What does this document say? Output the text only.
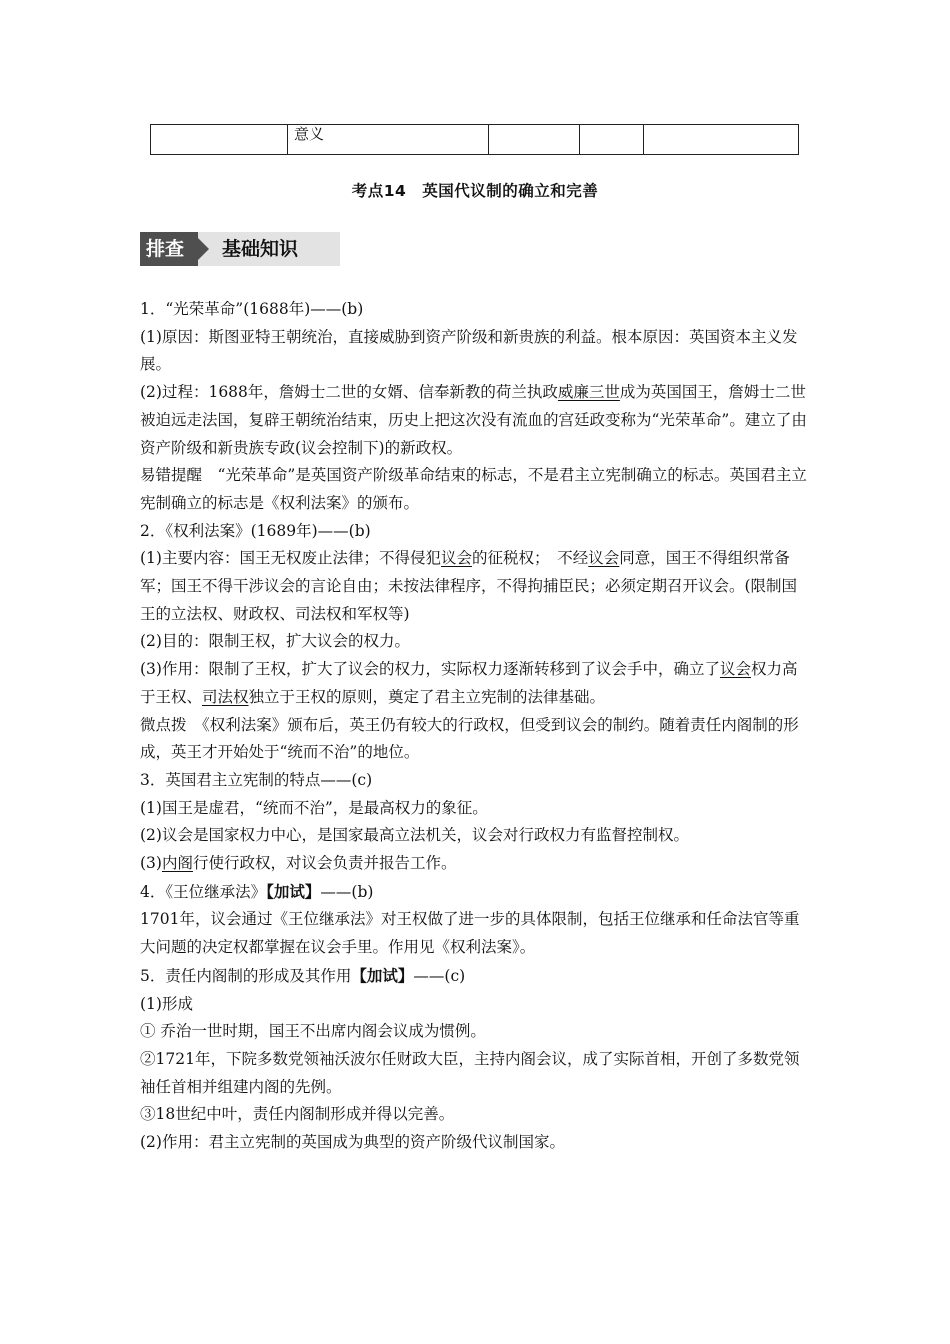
	意义			
考点14　英国代议制的确立和完善
排查	基础知识

1．“光荣革命”(1688年)——(b)

(1)原因：斯图亚特王朝统治，直接威胁到资产阶级和新贵族的利益。根本原因：英国资本主义发展。

(2)过程：1688年，詹姆士二世的女婿、信奉新教的荷兰执政威廉三世成为英国国王，詹姆士二世被迫远走法国，复辟王朝统治结束，历史上把这次没有流血的宫廷政变称为“光荣革命”。建立了由资产阶级和新贵族专政(议会控制下)的新政权。

易错提醒　“光荣革命”是英国资产阶级革命结束的标志，不是君主立宪制确立的标志。英国君主立宪制确立的标志是《权利法案》的颁布。

2．《权利法案》(1689年)——(b)

(1)主要内容：国王无权废止法律；不得侵犯议会的征税权；　不经议会同意，国王不得组织常备军；国王不得干涉议会的言论自由；未按法律程序，不得拘捕臣民；必须定期召开议会。(限制国王的立法权、财政权、司法权和军权等)

(2)目的：限制王权，扩大议会的权力。

(3)作用：限制了王权，扩大了议会的权力，实际权力逐渐转移到了议会手中，确立了议会权力高于王权、司法权独立于王权的原则，奠定了君主立宪制的法律基础。

微点拨　《权利法案》颁布后，英王仍有较大的行政权，但受到议会的制约。随着责任内阁制的形成，英王才开始处于“统而不治”的地位。

3．英国君主立宪制的特点——(c)

(1)国王是虚君，“统而不治”，是最高权力的象征。

(2)议会是国家权力中心，是国家最高立法机关，议会对行政权力有监督控制权。

(3)内阁行使行政权，对议会负责并报告工作。

4．《王位继承法》【加试】——(b)

1701年，议会通过《王位继承法》对王权做了进一步的具体限制，包括王位继承和任命法官等重大问题的决定权都掌握在议会手里。作用见《权利法案》。

5．责任内阁制的形成及其作用【加试】——(c)

(1)形成

① 乔治一世时期，国王不出席内阁会议成为惯例。

②1721年，下院多数党领袖沃波尔任财政大臣，主持内阁会议，成了实际首相，开创了多数党领袖任首相并组建内阁的先例。

③18世纪中叶，责任内阁制形成并得以完善。

(2)作用：君主立宪制的英国成为典型的资产阶级代议制国家。
